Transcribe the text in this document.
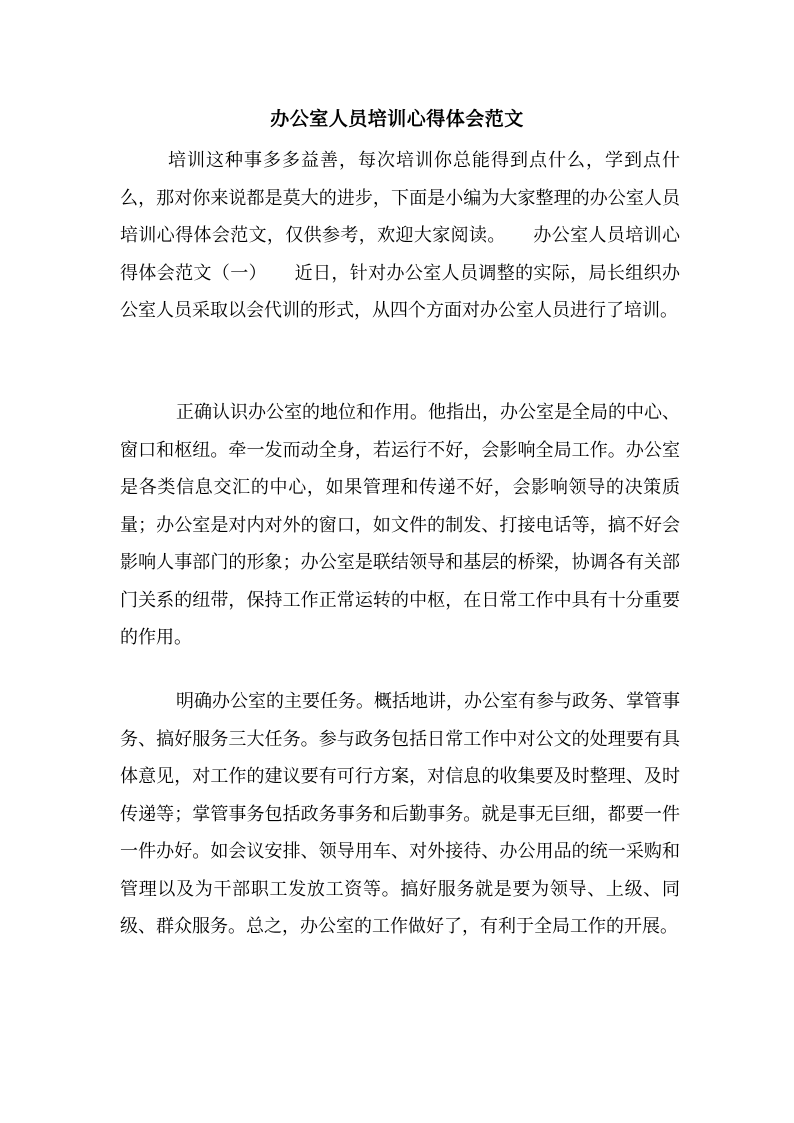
办公室人员培训心得体会范文

培训这种事多多益善，每次培训你总能得到点什么，学到点什么，那对你来说都是莫大的进步，下面是小编为大家整理的办公室人员培训心得体会范文，仅供参考，欢迎大家阅读。　　办公室人员培训心得体会范文（一）　　近日，针对办公室人员调整的实际，局长组织办公室人员采取以会代训的形式，从四个方面对办公室人员进行了培训。

正确认识办公室的地位和作用。他指出，办公室是全局的中心、窗口和枢纽。牵一发而动全身，若运行不好，会影响全局工作。办公室是各类信息交汇的中心，如果管理和传递不好，会影响领导的决策质量；办公室是对内对外的窗口，如文件的制发、打接电话等，搞不好会影响人事部门的形象；办公室是联结领导和基层的桥梁，协调各有关部门关系的纽带，保持工作正常运转的中枢，在日常工作中具有十分重要的作用。

明确办公室的主要任务。概括地讲，办公室有参与政务、掌管事务、搞好服务三大任务。参与政务包括日常工作中对公文的处理要有具体意见，对工作的建议要有可行方案，对信息的收集要及时整理、及时传递等；掌管事务包括政务事务和后勤事务。就是事无巨细，都要一件一件办好。如会议安排、领导用车、对外接待、办公用品的统一采购和管理以及为干部职工发放工资等。搞好服务就是要为领导、上级、同级、群众服务。总之，办公室的工作做好了，有利于全局工作的开展。
